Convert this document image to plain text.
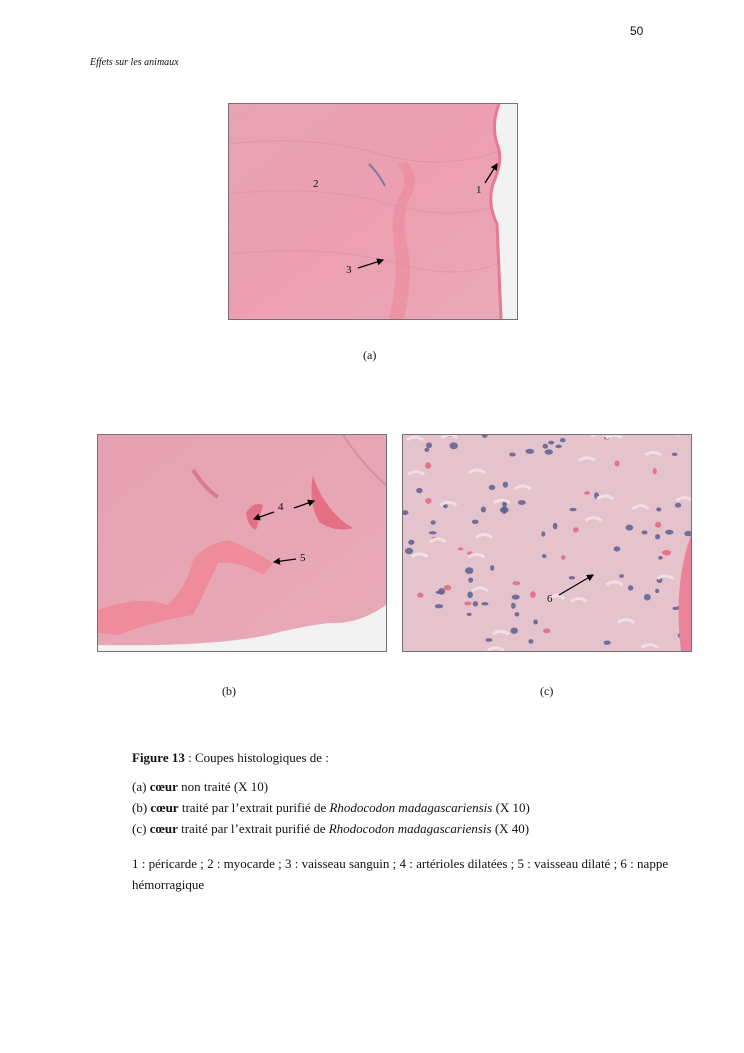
50
Effets sur les animaux
2	1
3
(a)
4
5
(b)
6
(c)

Figure 13 : Coupes histologiques de :

(a) cœur non traité (X 10)

(b) cœur traité par l’extrait purifié de Rhodocodon madagascariensis (X 10)

(c) cœur traité par l’extrait purifié de Rhodocodon madagascariensis (X 40)

1 : péricarde ; 2 : myocarde ; 3 : vaisseau sanguin ; 4 : artérioles dilatées ; 5 : vaisseau dilaté ; 6 : nappe hémorragique
